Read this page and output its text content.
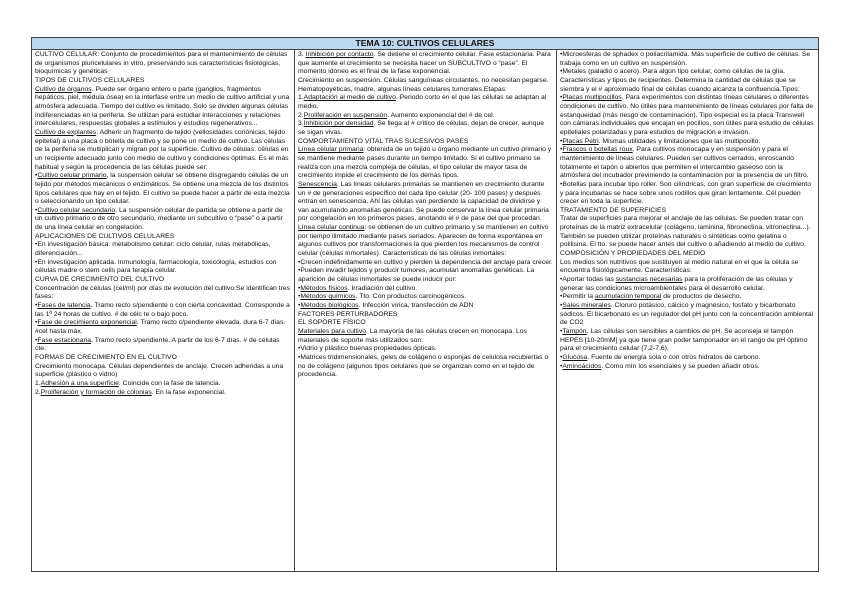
TEMA 10: CULTIVOS CELULARES

CULTIVO CELULAR: Conjunto de procedimientos para el mantenimiento de células de organismos pluricelulares in vitro, preservando sus características fisiológicas, bioquímicas y genéticas

TIPOS DE CULTIVOS CELULARES

Cultivo de órganos. Puede ser órgano entero o parte (ganglios, fragmentos hepáticos, piel, médula ósea) en la interfase entre un medio de cultivo artificial y una atmósfera adecuada. Tiempo del cultivo es limitado. Solo se dividen algunas células indiferenciadas en la periferia. Se utilizan para estudiar interacciones y relaciones intercelulares, respuestas globales a estímulos y estudios regenerativos...

Cultivo de explantes: Adherir un fragmento de tejido (vellosidades coriónicas, tejido epitelial) a una placa o botella de cultivo y se pone un medio de cultivo. Las células de la periferia se multiplican y migran por la superficie. Cultivo de células. células en un recipiente adecuado junto con medio de cultivo y condiciones óptimas. Es el más habitual y según la procedencia de las células puede ser:

•Cultivo celular primario, la suspensión celular se obtiene disgregando células de un tejido por métodos mecánicos o enzimáticos. Se obtiene una mezcla de los distintos tipos celulares que hay en el tejido. El cultivo se puede hacer a partir de esta mezcla o seleccionando un tipo celular.

•Cultivo celular secundario. La suspensión celular de partida se obtiene a partir de un cultivo primario o de otro secundario, mediante un subcultivo o “pase” o a partir de una línea celular en congelación.

APLICACIONES DE CULTIVOS CELULARES

•En investigación básica. metabolismo celular: ciclo celular, rutas metabólicas, diferenciación...

•En investigación aplicada. Inmunología, farmacología, toxicología, estudios con células madre o stem cells para terapia celular.

CURVA DE CRECIMIENTO DEL CULTIVO

Concentración de células (cel/ml) por días de evolución del cultivo.Se identifican tres fases:

•Fases de latencia. Tramo recto s/pendiente o con cierta concavidad. Corresponde a las 1ª 24 horas de cultivo. # de célc te o bajo poco.

•Fase de crecimiento exponencial. Tramo recto c/pendiente elevada. dura 6-7 días. #cel hasta máx.

•Fase estacionaria. Tramo recto s/pendiente. A partir de los 6-7 días. # de células cte.

FORMAS DE CRECIMIENTO EN EL CULTIVO

Crecimiento monocapa. Células dependientes de anclaje. Crecen adheridas a una superficie (plástico o vidrio)

1.Adhesión a una superficie. Coincide con la fase de latencia.

2.Proliferación y formación de colonias. En la fase exponencial.

3. Inhibición por contacto. Se detiene el crecimiento celular. Fase estacionaria. Para que aumente el crecimiento se necesita hacer un SUBCULTIVO o “pase”. El momento idóneo es el final de la fase exponencial.

Crecimiento en suspensión. Células sanguíneas circulantes, no necesitan pegarse. Hematopoyéticas, madre, algunas líneas celulares tumorales.Etapas:

1.Adaptación al medio de cultivo. Periodo corto en el que las células se adaptan al medio.

2.Proliferación en suspensión. Aumento exponencial del # de cel.

3.Inhibición por densidad. Se llega al # crítico de células, dejan de crecer, aunque se sigan vivas.

COMPORTAMIENTO VITAL TRAS SUCESIVOS PASES

Línea celular primaria: obtenida de un tejido u órgano mediante un cultivo primario y se mantiene mediante pases durante un tiempo limitado. Si el cultivo primario se realiza con una mezcla compleja de células, el tipo celular de mayor tasa de crecimiento impide el crecimiento de los demás tipos.

Senescencia. Las líneas celulares primarias se mantienen en crecimiento durante un # de generaciones específico del cada tipo celular (20- 100 pases) y después entran en senescencia. Ahí las células van perdiendo la capacidad de dividirse y van acumulando anomalías genéticas. Se puede conservar la línea celular primaria por congelación en los primeros pases, anotando el # de pase del que procedan.

Línea celular continua: se obtienen de un cultivo primario y se mantienen en cultivo por tiempo ilimitado mediante pases seriados. Aparecen de forma espontánea en algunos cultivos por transformaciones la que pierden los mecanismos de control celular (células inmortales). Características de las células inmortales:

•Crecen indefinidamente en cultivo y pierden la dependencia del anclaje para crecer.

•Pueden invadir tejidos y producir tumores, acumulan anomalías genéticas. La aparición de células inmortales se puede inducir por:

•Métodos físicos. Irradiación del cultivo.

•Métodos químicos. Tto. Con productos carcinogénicos.

•Métodos biológicos. Infección vírica, transfección de ADN

FACTORES PERTURBADORES

EL SOPORTE FÍSICO

Materiales para cultivo. La mayoría de las células crecen en monocapa. Los materiales de soporte más utilizados son:

•Vidrio y plástico buenas propiedades ópticas.

•Matrices tridimensionales, geles de colágeno o esponjas de celulosa recubiertas o no de colágeno (algunos tipos celulares que se organizan como en el tejido de procedencia.

•Microesferas de sphadex o poliacrilamida. Más superficie de cultivo de células. Se trabaja como en un cultivo en suspensión.

•Metales (paladio o acero). Para algún tipo celular, como células de la glía.

Características y tipos de recipientes. Determina la cantidad de células que se siembra y el # aproximado final de células cuando alcanza la confluencia.Tipos:

•Placas multipocillos. Para experimentos con distintas líneas celulares o diferentes condiciones de cultivo. No útiles para mantenimiento de líneas celulares por falta de estanqueidad (más riesgo de contaminación). Tipo especial es la placa Transwell con cámaras individuales que encajan en pocillos, son útiles para estudio de células epiteliales polarizadas y para estudios de migración e invasión.

•Placas Petri. Mismas utilidades y limitaciones que las multipocillo.

•Frascos o botellas roux. Para cultivos monocapa y en suspensión y para el mantenimiento de líneas celulares. Pueden ser cultivos cerrados, enroscando totalmente el tapón o abiertos que permiten el intercambio gaseoso con la atmósfera del incubador previniendo la contaminación por la presencia de un filtro.

•Botellas para incubar tipo roller. Son cilíndricas, con gran superficie de crecimiento y para incubarlas se hace sobre unos rodillos que giran lentamente. Cél pueden crecer en toda la superficie.

TRATAMIENTO DE SUPERFICIES

Tratar de superficies para mejorar el anclaje de las células. Se pueden tratar con proteínas de la matriz extracelular (colágeno, laminina, fibronectina, vitronectina...). También se pueden utilizar proteínas naturales o sintéticas como gelatina o polilisina. El tto. se puede hacer antes del cultivo o añadiendo al medio de cultivo.

COMPOSICIÓN Y PROPIEDADES DEL MEDIO

Los medios son nutritivos que sustituyen al medio natural en el que la célula se encuentra fisiológicamente. Características:

•Aportar todas las sustancias necesarias para la proliferación de las células y generar las condiciones microambientales para el desarrollo celular.

•Permitir la acumulación temporal de productos de desecho.

•Sales minerales. Cloruro potásico, cálcico y magnésico, fosfato y bicarbonato sódicos. El bicarbonato es un regulador del pH junto con la concentración ambiental de CO2

•Tampón. Las células son sensibles a cambios de pH. Se aconseja el tampón HEPES [10-20mM] ya que tiene gran poder tamponador en el rango de pH óptimo para el crecimiento celular (7,2-7,6).

•Glucosa. Fuente de energía sola o con otros hidratos de carbono.

•Aminoácidos. Como mín los esenciales y se pueden añadir otros.
